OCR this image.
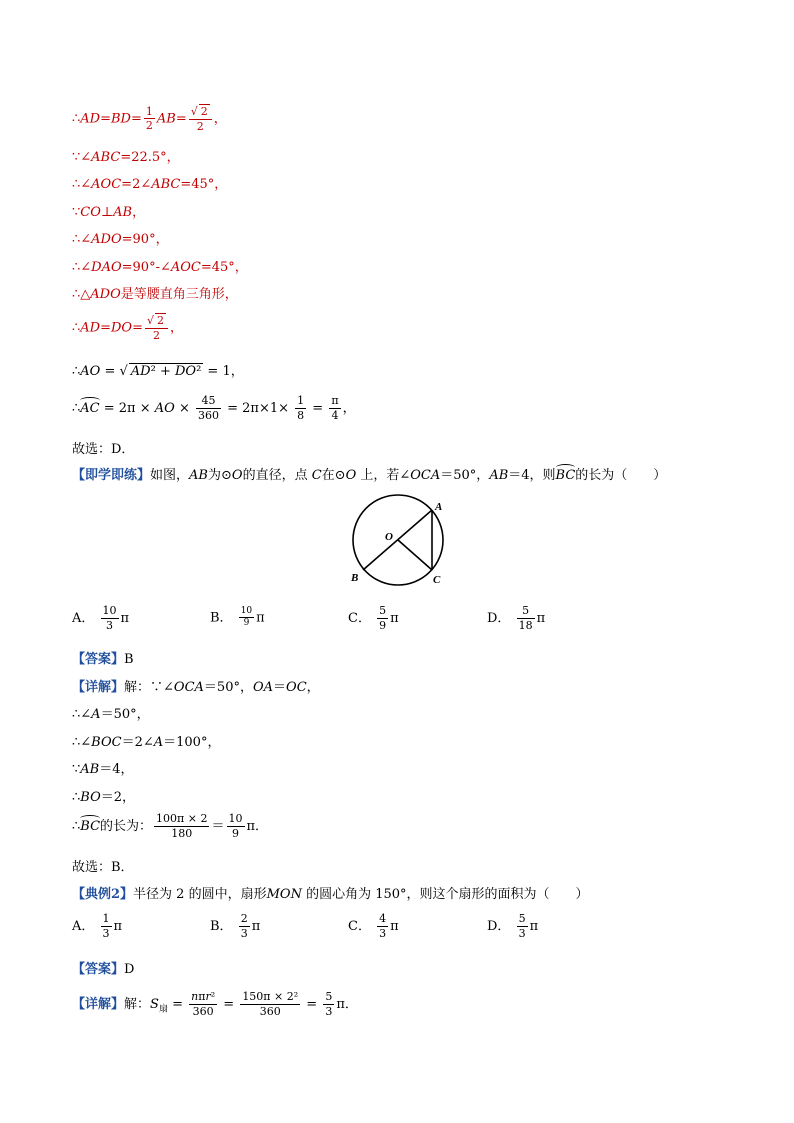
∴AD=BD= $\frac{1}{2} AB= \frac{√ 2}{2}$ ，
∵∠ABC=22.5°，
∴∠AOC=2∠ABC=45°，
∵CO⊥AB，
∴∠ADO=90°，
∴∠DAO=90°-∠AOC=45°，
∴△ADO是等腰直角三角形，
∴AD=DO= $\frac{√ 2}{2}$ ，
∴AO = √ AD² + DO² = 1，
∴AC = 2π × AO × $\frac{45}{360} = 2\pi\times 1\times \frac{1}{8} = \frac{\pi}{4}$ ，
故选：D．
【即学即练】如图，AB为⊙O的直径，点 C在⊙O 上，若∠OCA＝50°，AB＝4，则BC的长为（　　）
O
A
B	C
A． $\frac{10}{3}$ π	B． $\frac{10}{9}$ π	C． $\frac{5}{9}$ π	D． $\frac{5}{18}$ π
【答案】B
【详解】解：∵∠OCA＝50°，OA＝OC，
∴∠A＝50°，
∴∠BOC＝2∠A＝100°，
∵AB＝4，
∴BO＝2，
∴BC的长为： $\frac{100\pi \times 2}{180} = \frac{10}{9}$ π．
故选：B．
【典例2】半径为 2 的圆中，扇形MON 的圆心角为 150°，则这个扇形的面积为（　　）
A． $\frac{1}{3}$ π	B． $\frac{2}{3}$ π	C． $\frac{4}{3}$ π	D． $\frac{5}{3}$ π
【答案】D
【详解】解：$S_扇 = \frac{\text{nπr²}}{360} = \frac{\text{150π × 2²}}{360} = \frac{5}{3}$ π．
